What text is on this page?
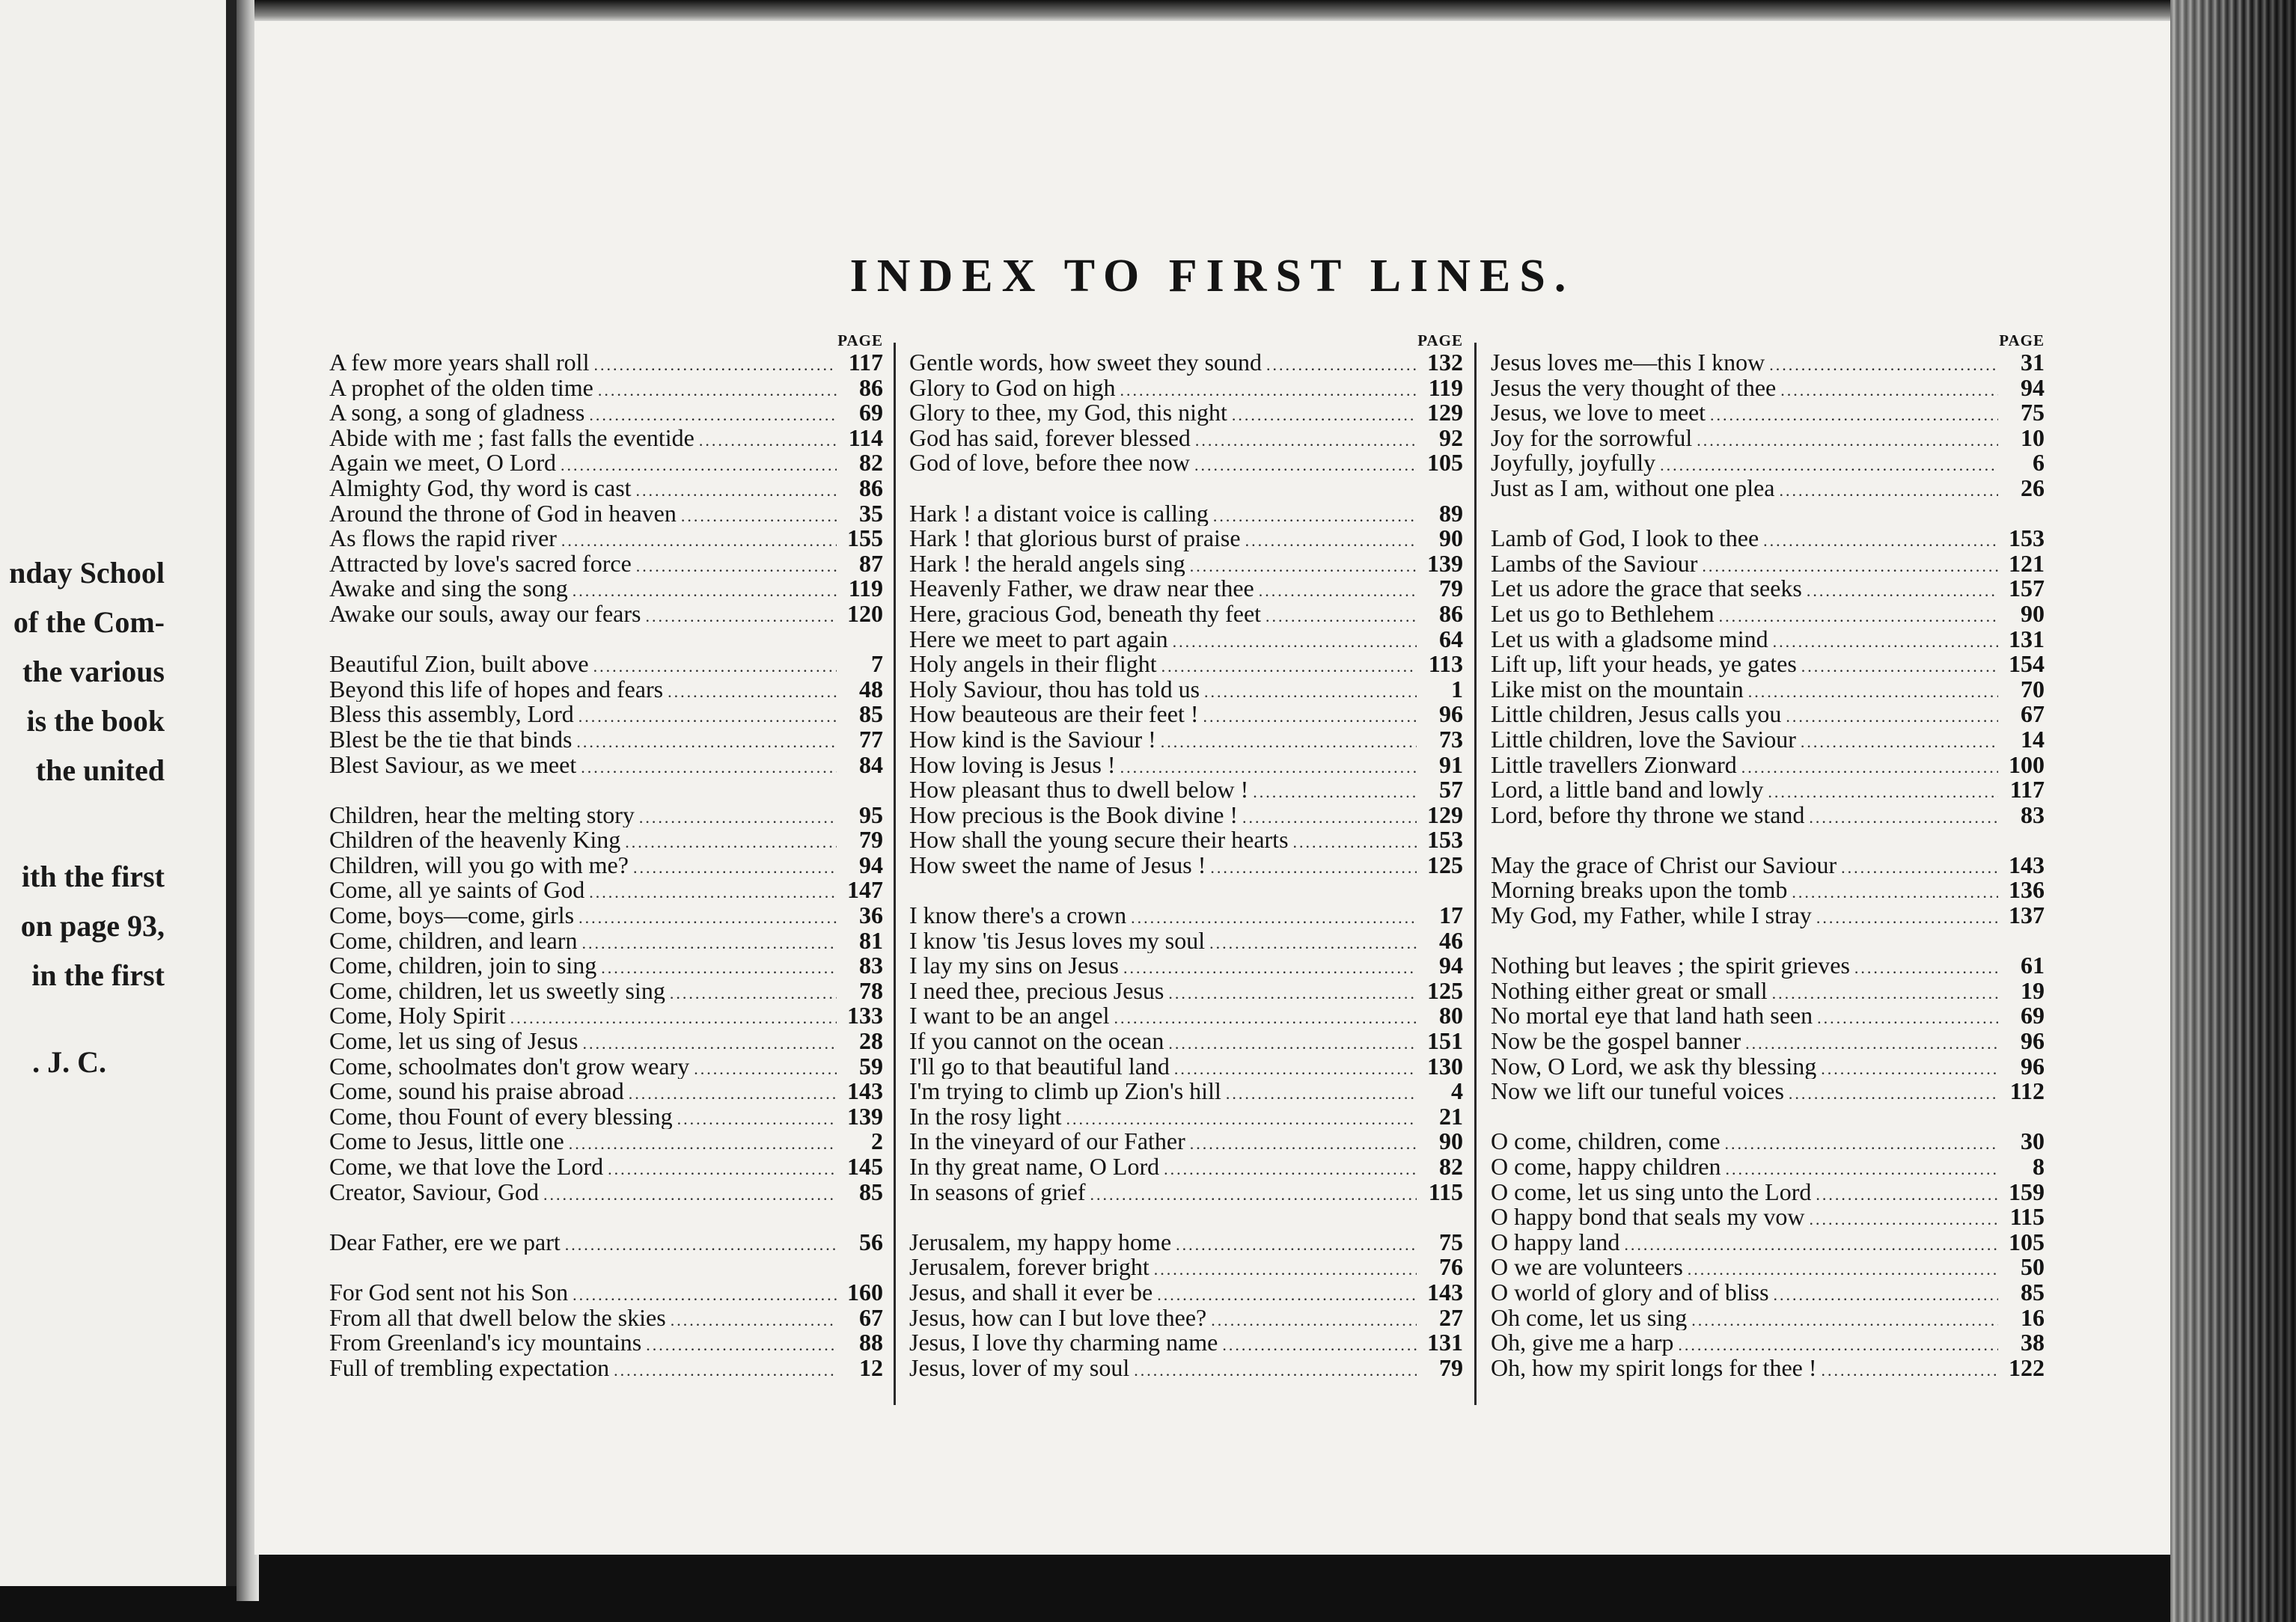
nday School
of the Com-
the various
is the book
the united
ith the first
on page 93,
in the first
. J. C.
INDEX TO FIRST LINES.
PAGE
A few more years shall roll .....	117
A prophet of the olden time .....	86
A song, a song of gladness .....	69
Abide with me ; fast falls the eventide .....	114
Again we meet, O Lord .....	82
Almighty God, thy word is cast .....	86
Around the throne of God in heaven .....	35
As flows the rapid river .....	155
Attracted by love's sacred force .....	87
Awake and sing the song .....	119
Awake our souls, away our fears .....	120
Beautiful Zion, built above .....	7
Beyond this life of hopes and fears .....	48
Bless this assembly, Lord .....	85
Blest be the tie that binds .....	77
Blest Saviour, as we meet .....	84
Children, hear the melting story .....	95
Children of the heavenly King .....	79
Children, will you go with me? .....	94
Come, all ye saints of God .....	147
Come, boys—come, girls .....	36
Come, children, and learn .....	81
Come, children, join to sing .....	83
Come, children, let us sweetly sing .....	78
Come, Holy Spirit .....	133
Come, let us sing of Jesus .....	28
Come, schoolmates don't grow weary .....	59
Come, sound his praise abroad .....	143
Come, thou Fount of every blessing .....	139
Come to Jesus, little one .....	2
Come, we that love the Lord .....	145
Creator, Saviour, God .....	85
Dear Father, ere we part .....	56
For God sent not his Son .....	160
From all that dwell below the skies .....	67
From Greenland's icy mountains .....	88
Full of trembling expectation .....	12
PAGE
Gentle words, how sweet they sound .....	132
Glory to God on high .....	119
Glory to thee, my God, this night .....	129
God has said, forever blessed .....	92
God of love, before thee now .....	105
Hark ! a distant voice is calling .....	89
Hark ! that glorious burst of praise .....	90
Hark ! the herald angels sing .....	139
Heavenly Father, we draw near thee .....	79
Here, gracious God, beneath thy feet .....	86
Here we meet to part again .....	64
Holy angels in their flight .....	113
Holy Saviour, thou has told us .....	1
How beauteous are their feet ! .....	96
How kind is the Saviour ! .....	73
How loving is Jesus ! .....	91
How pleasant thus to dwell below ! .....	57
How precious is the Book divine ! .....	129
How shall the young secure their hearts .....	153
How sweet the name of Jesus ! .....	125
I know there's a crown .....	17
I know 'tis Jesus loves my soul .....	46
I lay my sins on Jesus .....	94
I need thee, precious Jesus .....	125
I want to be an angel .....	80
If you cannot on the ocean .....	151
I'll go to that beautiful land .....	130
I'm trying to climb up Zion's hill .....	4
In the rosy light .....	21
In the vineyard of our Father .....	90
In thy great name, O Lord .....	82
In seasons of grief .....	115
Jerusalem, my happy home .....	75
Jerusalem, forever bright .....	76
Jesus, and shall it ever be .....	143
Jesus, how can I but love thee? .....	27
Jesus, I love thy charming name .....	131
Jesus, lover of my soul .....	79
PAGE
Jesus loves me—this I know .....	31
Jesus the very thought of thee .....	94
Jesus, we love to meet .....	75
Joy for the sorrowful .....	10
Joyfully, joyfully .....	6
Just as I am, without one plea .....	26
Lamb of God, I look to thee .....	153
Lambs of the Saviour .....	121
Let us adore the grace that seeks .....	157
Let us go to Bethlehem .....	90
Let us with a gladsome mind .....	131
Lift up, lift your heads, ye gates .....	154
Like mist on the mountain .....	70
Little children, Jesus calls you .....	67
Little children, love the Saviour .....	14
Little travellers Zionward .....	100
Lord, a little band and lowly .....	117
Lord, before thy throne we stand .....	83
May the grace of Christ our Saviour .....	143
Morning breaks upon the tomb .....	136
My God, my Father, while I stray .....	137
Nothing but leaves ; the spirit grieves .....	61
Nothing either great or small .....	19
No mortal eye that land hath seen .....	69
Now be the gospel banner .....	96
Now, O Lord, we ask thy blessing .....	96
Now we lift our tuneful voices .....	112
O come, children, come .....	30
O come, happy children .....	8
O come, let us sing unto the Lord .....	159
O happy bond that seals my vow .....	115
O happy land .....	105
O we are volunteers .....	50
O world of glory and of bliss .....	85
Oh come, let us sing .....	16
Oh, give me a harp .....	38
Oh, how my spirit longs for thee ! .....	122
